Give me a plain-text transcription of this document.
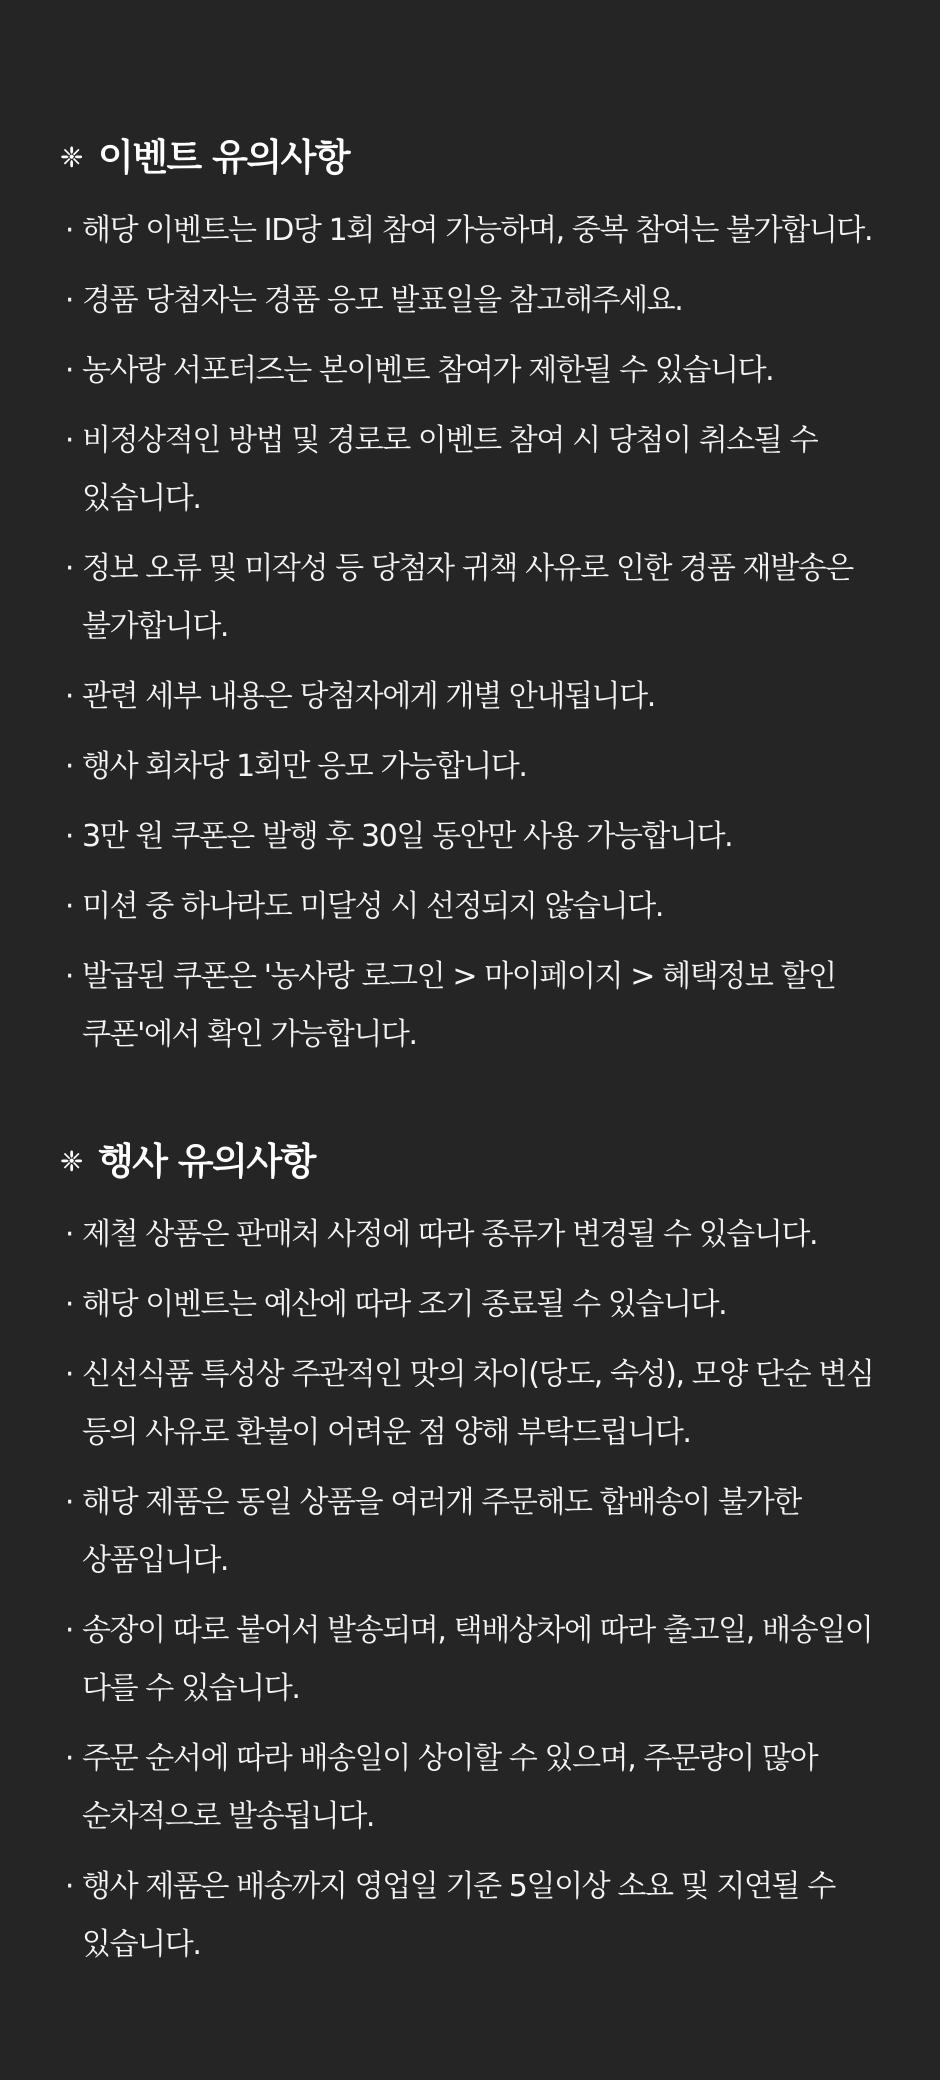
❈ 이벤트 유의사항
· 해당 이벤트는 ID당 1회 참여 가능하며, 중복 참여는 불가합니다.
· 경품 당첨자는 경품 응모 발표일을 참고해주세요.
· 농사랑 서포터즈는 본이벤트 참여가 제한될 수 있습니다.
· 비정상적인 방법 및 경로로 이벤트 참여 시 당첨이 취소될 수 있습니다.
· 정보 오류 및 미작성 등 당첨자 귀책 사유로 인한 경품 재발송은 불가합니다.
· 관련 세부 내용은 당첨자에게 개별 안내됩니다.
· 행사 회차당 1회만 응모 가능합니다.
· 3만 원 쿠폰은 발행 후 30일 동안만 사용 가능합니다.
· 미션 중 하나라도 미달성 시 선정되지 않습니다.
· 발급된 쿠폰은 '농사랑 로그인 > 마이페이지 > 혜택정보 할인 쿠폰'에서 확인 가능합니다.
❈ 행사 유의사항
· 제철 상품은 판매처 사정에 따라 종류가 변경될 수 있습니다.
· 해당 이벤트는 예산에 따라 조기 종료될 수 있습니다.
· 신선식품 특성상 주관적인 맛의 차이(당도, 숙성), 모양 단순 변심 등의 사유로 환불이 어려운 점 양해 부탁드립니다.
· 해당 제품은 동일 상품을 여러개 주문해도 합배송이 불가한 상품입니다.
· 송장이 따로 붙어서 발송되며, 택배상차에 따라 출고일, 배송일이 다를 수 있습니다.
· 주문 순서에 따라 배송일이 상이할 수 있으며, 주문량이 많아 순차적으로 발송됩니다.
· 행사 제품은 배송까지 영업일 기준 5일이상 소요 및 지연될 수 있습니다.
